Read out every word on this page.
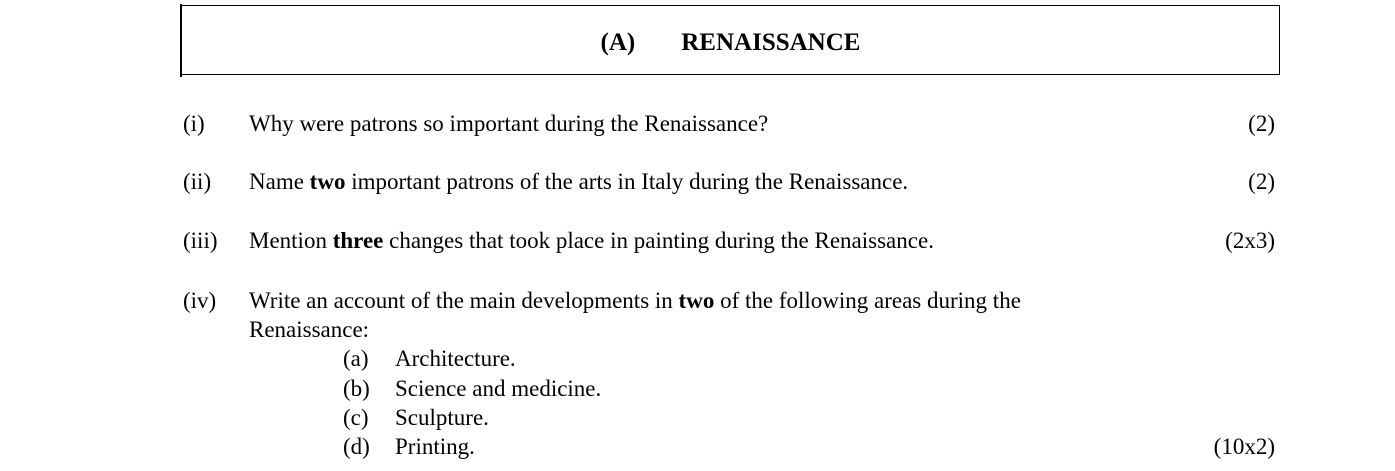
(A) RENAISSANCE
(i) Why were patrons so important during the Renaissance?	(2)
(ii) Name two important patrons of the arts in Italy during the Renaissance.	(2)
(iii) Mention three changes that took place in painting during the Renaissance.	(2x3)
(iv) Write an account of the main developments in two of the following areas during the
Renaissance:
(a) Architecture.
(b) Science and medicine.
(c) Sculpture.
(d) Printing.	(10x2)
